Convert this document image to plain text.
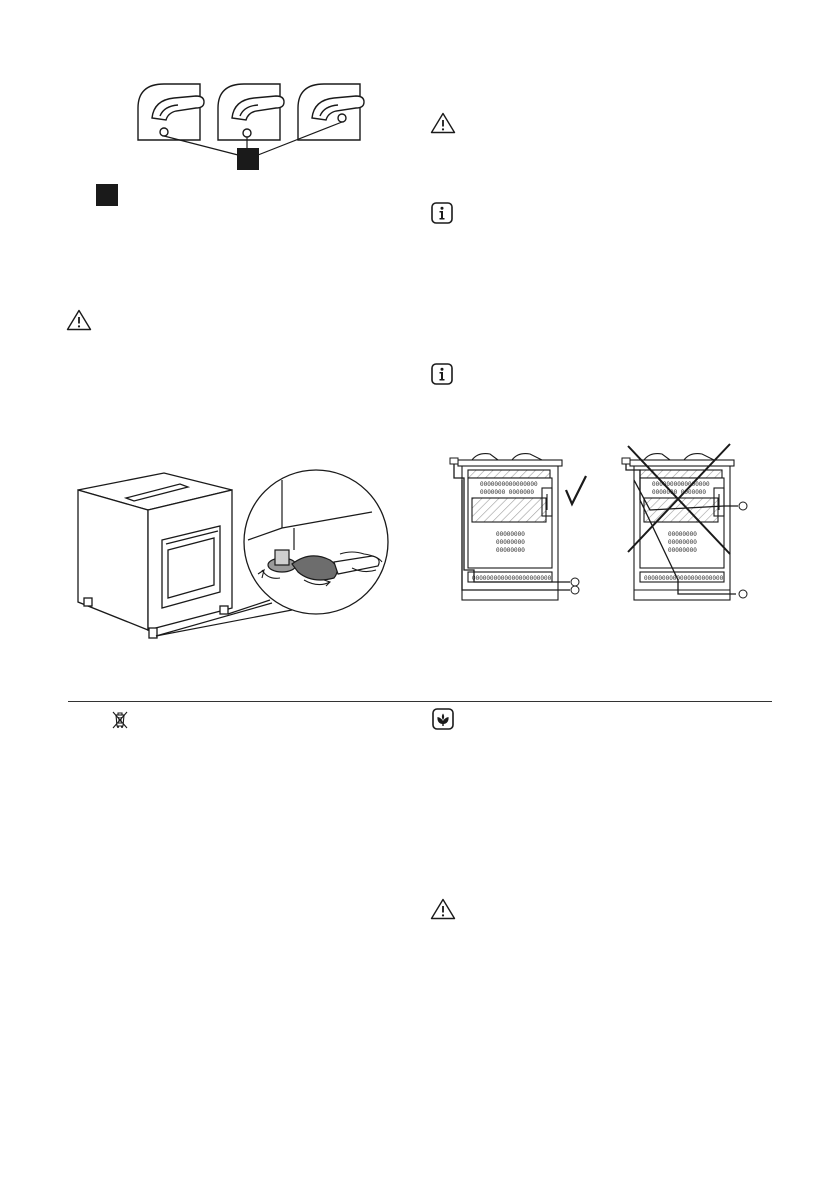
0000000000000000
0000000 0000000
00000000
00000000
00000000
0000000000000000000000
0000000000000000
0000000 0000000
00000000
00000000
00000000
0000000000000000000000
